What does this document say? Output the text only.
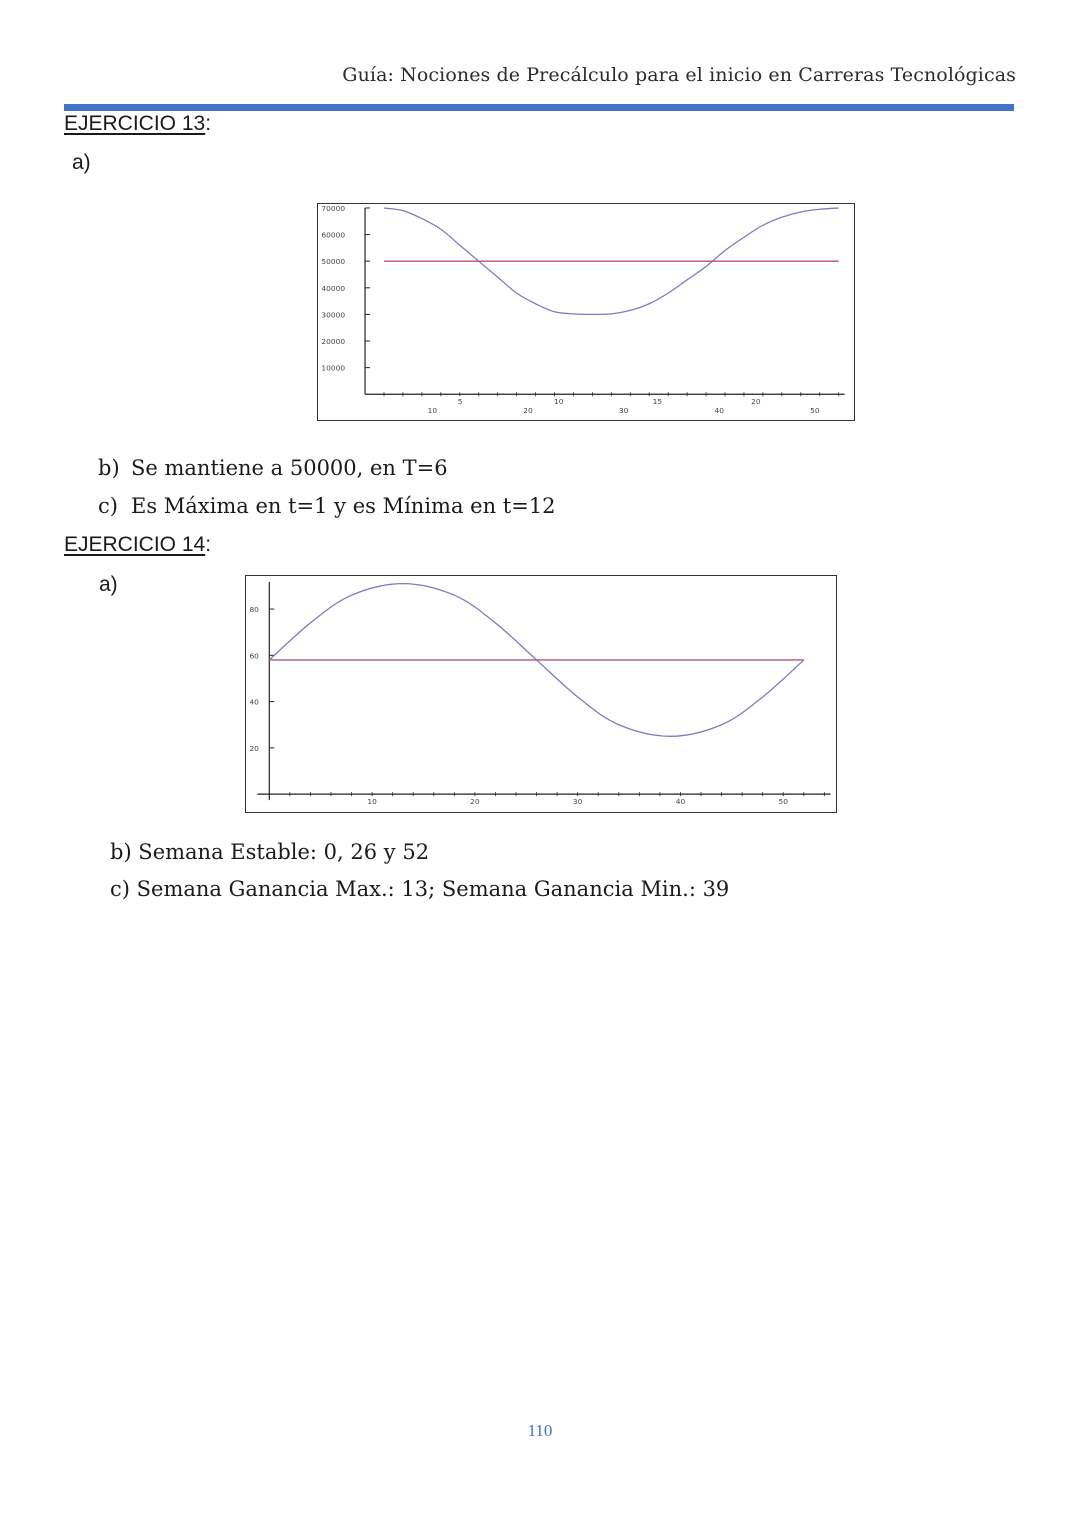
Guía: Nociones de Precálculo para el inicio en Carreras Tecnológicas
EJERCICIO 13:
a)
10000
20000
30000
40000
50000
60000
70000
5	10	15	20
10	20	30	40	50
b) Se mantiene a 50000, en T=6
c) Es Máxima en t=1 y es Mínima en t=12
EJERCICIO 14:
a)
20
40
60
80
10	20	30	40	50
b) Semana Estable: 0, 26 y 52
c) Semana Ganancia Max.: 13; Semana Ganancia Min.: 39
110
